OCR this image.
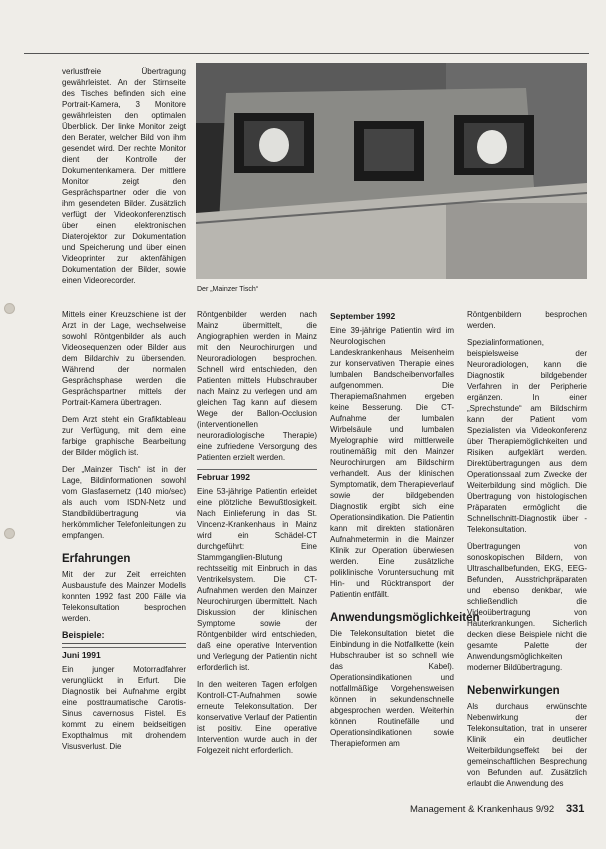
verlustfreie Übertragung gewährleistet. An der Stirnseite des Tisches befinden sich eine Portrait-Kamera, 3 Monitore gewährleisten den optimalen Überblick. Der linke Monitor zeigt den Berater, welcher Bild von ihm gesendet wird. Der rechte Monitor dient der Kontrolle der Dokumentenkamera. Der mittlere Monitor zeigt den Gesprächspartner oder die von ihm gesendeten Bilder. Zusätzlich verfügt der Videokonferenztisch über einen elektronischen Diaterojektor zur Dokumentation und Speicherung und über einen Videoprinter zur aktenfähigen Dokumentation der Bilder, sowie einen Videorecorder.

Der „Mainzer Tisch“

Mittels einer Kreuzschiene ist der Arzt in der Lage, wechselweise sowohl Röntgenbilder als auch Videosequenzen oder Bilder aus dem Bildarchiv zu übersenden. Während der normalen Gesprächsphase werden die Gesprächspartner mittels der Portrait-Kamera übertragen.

Dem Arzt steht ein Grafiktableau zur Verfügung, mit dem eine farbige graphische Bearbeitung der Bilder möglich ist.

Der „Mainzer Tisch“ ist in der Lage, Bildinformationen sowohl vom Glasfasernetz (140 mio/sec) als auch vom ISDN-Netz und Standbildübertragung via herkömmlicher Telefonleitungen zu empfangen.

Erfahrungen

Mit der zur Zeit erreichten Ausbaustufe des Mainzer Modells konnten 1992 fast 200 Fälle via Telekonsultation besprochen werden.

Beispiele:
Juni 1991

Ein junger Motorradfahrer verunglückt in Erfurt. Die Diagnostik bei Aufnahme ergibt eine posttraumatische Carotis-Sinus cavernosus Fistel. Es kommt zu einem beidseitigen Exopthalmus mit drohendem Visusverlust. Die

Röntgenbilder werden nach Mainz übermittelt, die Angiographien werden in Mainz mit den Neurochirurgen und Neuroradiologen besprochen. Schnell wird entschieden, den Patienten mittels Hubschrauber nach Mainz zu verlegen und am gleichen Tag kann auf diesem Wege der Ballon-Occlusion (interventionellen neuroradiologische Therapie) eine zufriedene Versorgung des Patienten erzielt werden.

Februar 1992

Eine 53-jährige Patientin erleidet eine plötzliche Bewußtlosigkeit. Nach Einlieferung in das St. Vincenz-Krankenhaus in Mainz wird ein Schädel-CT durchgeführt: Eine Stammganglien-Blutung rechtsseitig mit Einbruch in das Ventrikelsystem. Die CT-Aufnahmen werden den Mainzer Neurochirurgen übermittelt. Nach Diskussion der klinischen Symptome sowie der Röntgenbilder wird entschieden, daß eine operative Intervention und Verlegung der Patientin nicht erforderlich ist.

In den weiteren Tagen erfolgen Kontroll-CT-Aufnahmen sowie erneute Telekonsultation. Der konservative Verlauf der Patientin ist positiv. Eine operative Intervention wurde auch in der Folgezeit nicht erforderlich.

September 1992

Eine 39-jährige Patientin wird im Neurologischen Landeskrankenhaus Meisenheim zur konservativen Therapie eines lumbalen Bandscheibenvorfalles aufgenommen. Die Therapiemaßnahmen ergeben keine Besserung. Die CT-Aufnahme der lumbalen Wirbelsäule und lumbalen Myelographie wird mittlerweile routinemäßig mit den Mainzer Neurochirurgen am Bildschirm verhandelt. Aus der klinischen Symptomatik, dem Therapieverlauf sowie der bildgebenden Diagnostik ergibt sich eine Operationsindikation. Die Patientin kann mit direkten stationären Aufnahmetermin in die Mainzer Klinik zur Operation überwiesen werden. Eine zusätzliche poliklinische Voruntersuchung mit Hin- und Rücktransport der Patientin entfällt.

Anwendungsmöglichkeiten

Die Telekonsultation bietet die Einbindung in die Notfallkette (kein Hubschrauber ist so schnell wie das Kabel). Operationsindikationen und notfallmäßige Vorgehensweisen können in sekundenschnelle abgesprochen werden. Weiterhin können Routinefälle und Operationsindikationen sowie Therapieformen am

Röntgenbildern besprochen werden.

Spezialinformationen, beispielsweise der Neuroradiologen, kann die Diagnostik bildgebender Verfahren in der Peripherie ergänzen. In einer „Sprechstunde“ am Bildschirm kann der Patient vom Spezialisten via Videokonferenz über Therapiemöglichkeiten und Risiken aufgeklärt werden. Direktübertragungen aus dem Operationssaal zum Zwecke der Weiterbildung sind möglich. Die Übertragung von histologischen Präparaten ermöglicht die Schnellschnitt-Diagnostik über - Telekonsultation.

Übertragungen von sonoskopischen Bildern, von Ultraschallbefunden, EKG, EEG-Befunden, Ausstrichpräparaten und ebenso denkbar, wie schließendlich die Videoübertragung von Hauterkrankungen. Sicherlich decken diese Beispiele nicht die gesamte Palette der Anwendungsmöglichkeiten moderner Bildübertragung.

Nebenwirkungen

Als durchaus erwünschte Nebenwirkung der Telekonsultation, trat in unserer Klinik ein deutlicher Weiterbildungseffekt bei der gemeinschaftlichen Besprechung von Befunden auf. Zusätzlich erlaubt die Anwendung des

Management & Krankenhaus 9/92 331
